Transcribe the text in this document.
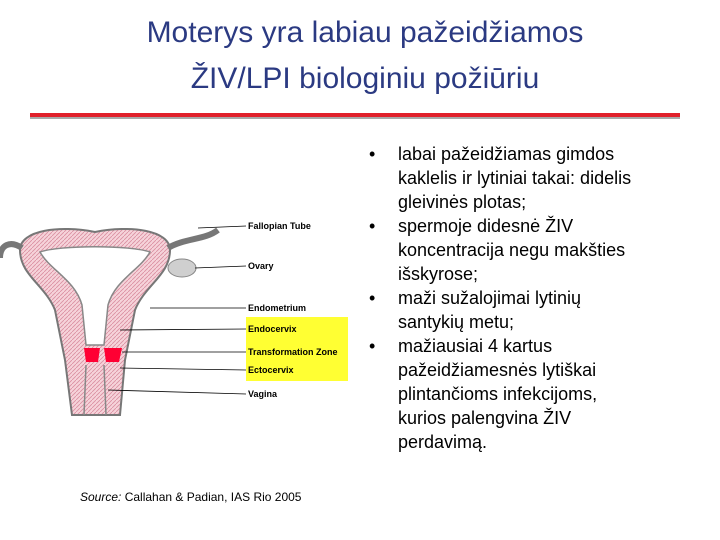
Moterys yra labiau pažeidžiamos
ŽIV/LPI biologiniu požiūriu
Fallopian Tube
Ovary
Endometrium
Endocervix
Transformation Zone
Ectocervix
Vagina
• labai pažeidžiamas gimdos
kaklelis ir lytiniai takai: didelis
gleivinės plotas;
• spermoje didesnė ŽIV
koncentracija negu makšties
išskyrose;
• maži sužalojimai lytinių
santykių metu;
• mažiausiai 4 kartus
pažeidžiamesnės lytiškai
plintančioms infekcijoms,
kurios palengvina ŽIV
perdavimą.
Source: Callahan & Padian, IAS Rio 2005
